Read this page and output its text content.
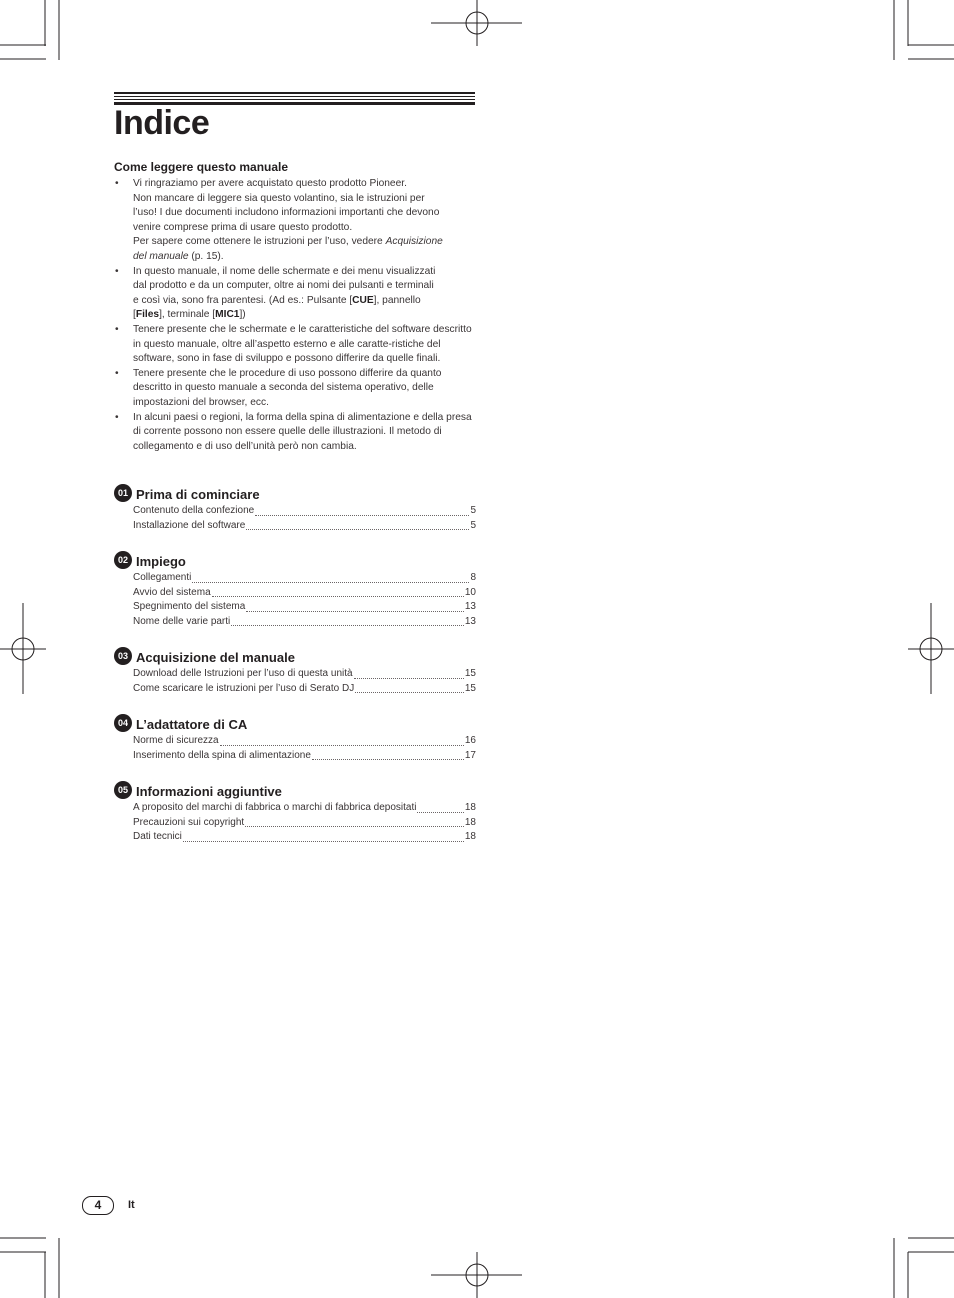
Indice
Come leggere questo manuale
• Vi ringraziamo per avere acquistato questo prodotto Pioneer.
Non mancare di leggere sia questo volantino, sia le istruzioni per
l’uso! I due documenti includono informazioni importanti che devono
venire comprese prima di usare questo prodotto.
Per sapere come ottenere le istruzioni per l’uso, vedere Acquisizione
del manuale (p. 15).
• In questo manuale, il nome delle schermate e dei menu visualizzati
dal prodotto e da un computer, oltre ai nomi dei pulsanti e terminali
e così via, sono fra parentesi. (Ad es.: Pulsante [CUE], pannello
[Files], terminale [MIC1])
• Tenere presente che le schermate e le caratteristiche del software descritto in questo manuale, oltre all’aspetto esterno e alle caratte-ristiche del software, sono in fase di sviluppo e possono differire da quelle finali.
• Tenere presente che le procedure di uso possono differire da quanto descritto in questo manuale a seconda del sistema operativo, delle impostazioni del browser, ecc.
• In alcuni paesi o regioni, la forma della spina di alimentazione e della presa di corrente possono non essere quelle delle illustrazioni. Il metodo di collegamento e di uso dell’unità però non cambia.
01 Prima di cominciare
Contenuto della confezione	5
Installazione del software	5
02 Impiego
Collegamenti	8
Avvio del sistema	10
Spegnimento del sistema	13
Nome delle varie parti	13
03 Acquisizione del manuale
Download delle Istruzioni per l’uso di questa unità	15
Come scaricare le istruzioni per l’uso di Serato DJ	15
04 L’adattatore di CA
Norme di sicurezza	16
Inserimento della spina di alimentazione	17
05 Informazioni aggiuntive
A proposito del marchi di fabbrica o marchi di fabbrica depositati	18
Precauzioni sui copyright	18
Dati tecnici	18
4	It
